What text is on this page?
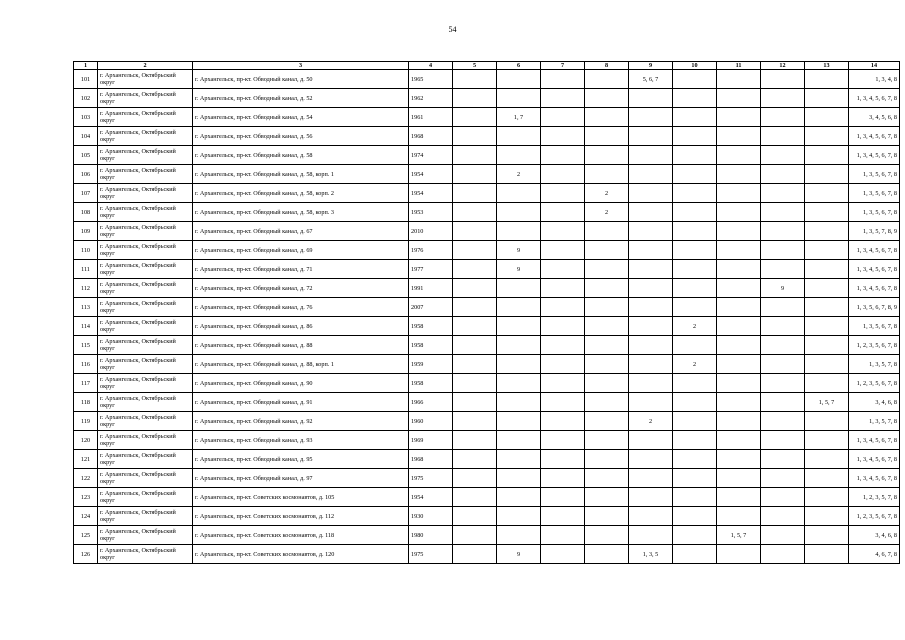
54
1	2	3	4	5	6	7	8	9	10	11	12	13	14
101	г. Архангельск, Октябрьский округ	г. Архангельск, пр-кт. Обводный канал, д. 50	1965					5, 6, 7					1, 3, 4, 8
102	г. Архангельск, Октябрьский округ	г. Архангельск, пр-кт. Обводный канал, д. 52	1962										1, 3, 4, 5, 6, 7, 8
103	г. Архангельск, Октябрьский округ	г. Архангельск, пр-кт. Обводный канал, д. 54	1961		1, 7								3, 4, 5, 6, 8
104	г. Архангельск, Октябрьский округ	г. Архангельск, пр-кт. Обводный канал, д. 56	1968										1, 3, 4, 5, 6, 7, 8
105	г. Архангельск, Октябрьский округ	г. Архангельск, пр-кт. Обводный канал, д. 58	1974										1, 3, 4, 5, 6, 7, 8
106	г. Архангельск, Октябрьский округ	г. Архангельск, пр-кт. Обводный канал, д. 58, корп. 1	1954		2								1, 3, 5, 6, 7, 8
107	г. Архангельск, Октябрьский округ	г. Архангельск, пр-кт. Обводный канал, д. 58, корп. 2	1954				2						1, 3, 5, 6, 7, 8
108	г. Архангельск, Октябрьский округ	г. Архангельск, пр-кт. Обводный канал, д. 58, корп. 3	1953				2						1, 3, 5, 6, 7, 8
109	г. Архангельск, Октябрьский округ	г. Архангельск, пр-кт. Обводный канал, д. 67	2010										1, 3, 5, 7, 8, 9
110	г. Архангельск, Октябрьский округ	г. Архангельск, пр-кт. Обводный канал, д. 69	1976		9								1, 3, 4, 5, 6, 7, 8
111	г. Архангельск, Октябрьский округ	г. Архангельск, пр-кт. Обводный канал, д. 71	1977		9								1, 3, 4, 5, 6, 7, 8
112	г. Архангельск, Октябрьский округ	г. Архангельск, пр-кт. Обводный канал, д. 72	1991								9		1, 3, 4, 5, 6, 7, 8
113	г. Архангельск, Октябрьский округ	г. Архангельск, пр-кт. Обводный канал, д. 76	2007										1, 3, 5, 6, 7, 8, 9
114	г. Архангельск, Октябрьский округ	г. Архангельск, пр-кт. Обводный канал, д. 86	1958						2				1, 3, 5, 6, 7, 8
115	г. Архангельск, Октябрьский округ	г. Архангельск, пр-кт. Обводный канал, д. 88	1958										1, 2, 3, 5, 6, 7, 8
116	г. Архангельск, Октябрьский округ	г. Архангельск, пр-кт. Обводный канал, д. 88, корп. 1	1959						2				1, 3, 5, 7, 8
117	г. Архангельск, Октябрьский округ	г. Архангельск, пр-кт. Обводный канал, д. 90	1958										1, 2, 3, 5, 6, 7, 8
118	г. Архангельск, Октябрьский округ	г. Архангельск, пр-кт. Обводный канал, д. 91	1966									1, 5, 7	3, 4, 6, 8
119	г. Архангельск, Октябрьский округ	г. Архангельск, пр-кт. Обводный канал, д. 92	1960					2					1, 3, 5, 7, 8
120	г. Архангельск, Октябрьский округ	г. Архангельск, пр-кт. Обводный канал, д. 93	1969										1, 3, 4, 5, 6, 7, 8
121	г. Архангельск, Октябрьский округ	г. Архангельск, пр-кт. Обводный канал, д. 95	1968										1, 3, 4, 5, 6, 7, 8
122	г. Архангельск, Октябрьский округ	г. Архангельск, пр-кт. Обводный канал, д. 97	1975										1, 3, 4, 5, 6, 7, 8
123	г. Архангельск, Октябрьский округ	г. Архангельск, пр-кт. Советских космонавтов, д. 105	1954										1, 2, 3, 5, 7, 8
124	г. Архангельск, Октябрьский округ	г. Архангельск, пр-кт. Советских космонавтов, д. 112	1930										1, 2, 3, 5, 6, 7, 8
125	г. Архангельск, Октябрьский округ	г. Архангельск, пр-кт. Советских космонавтов, д. 118	1980							1, 5, 7			3, 4, 6, 8
126	г. Архангельск, Октябрьский округ	г. Архангельск, пр-кт. Советских космонавтов, д. 120	1975		9			1, 3, 5					4, 6, 7, 8
